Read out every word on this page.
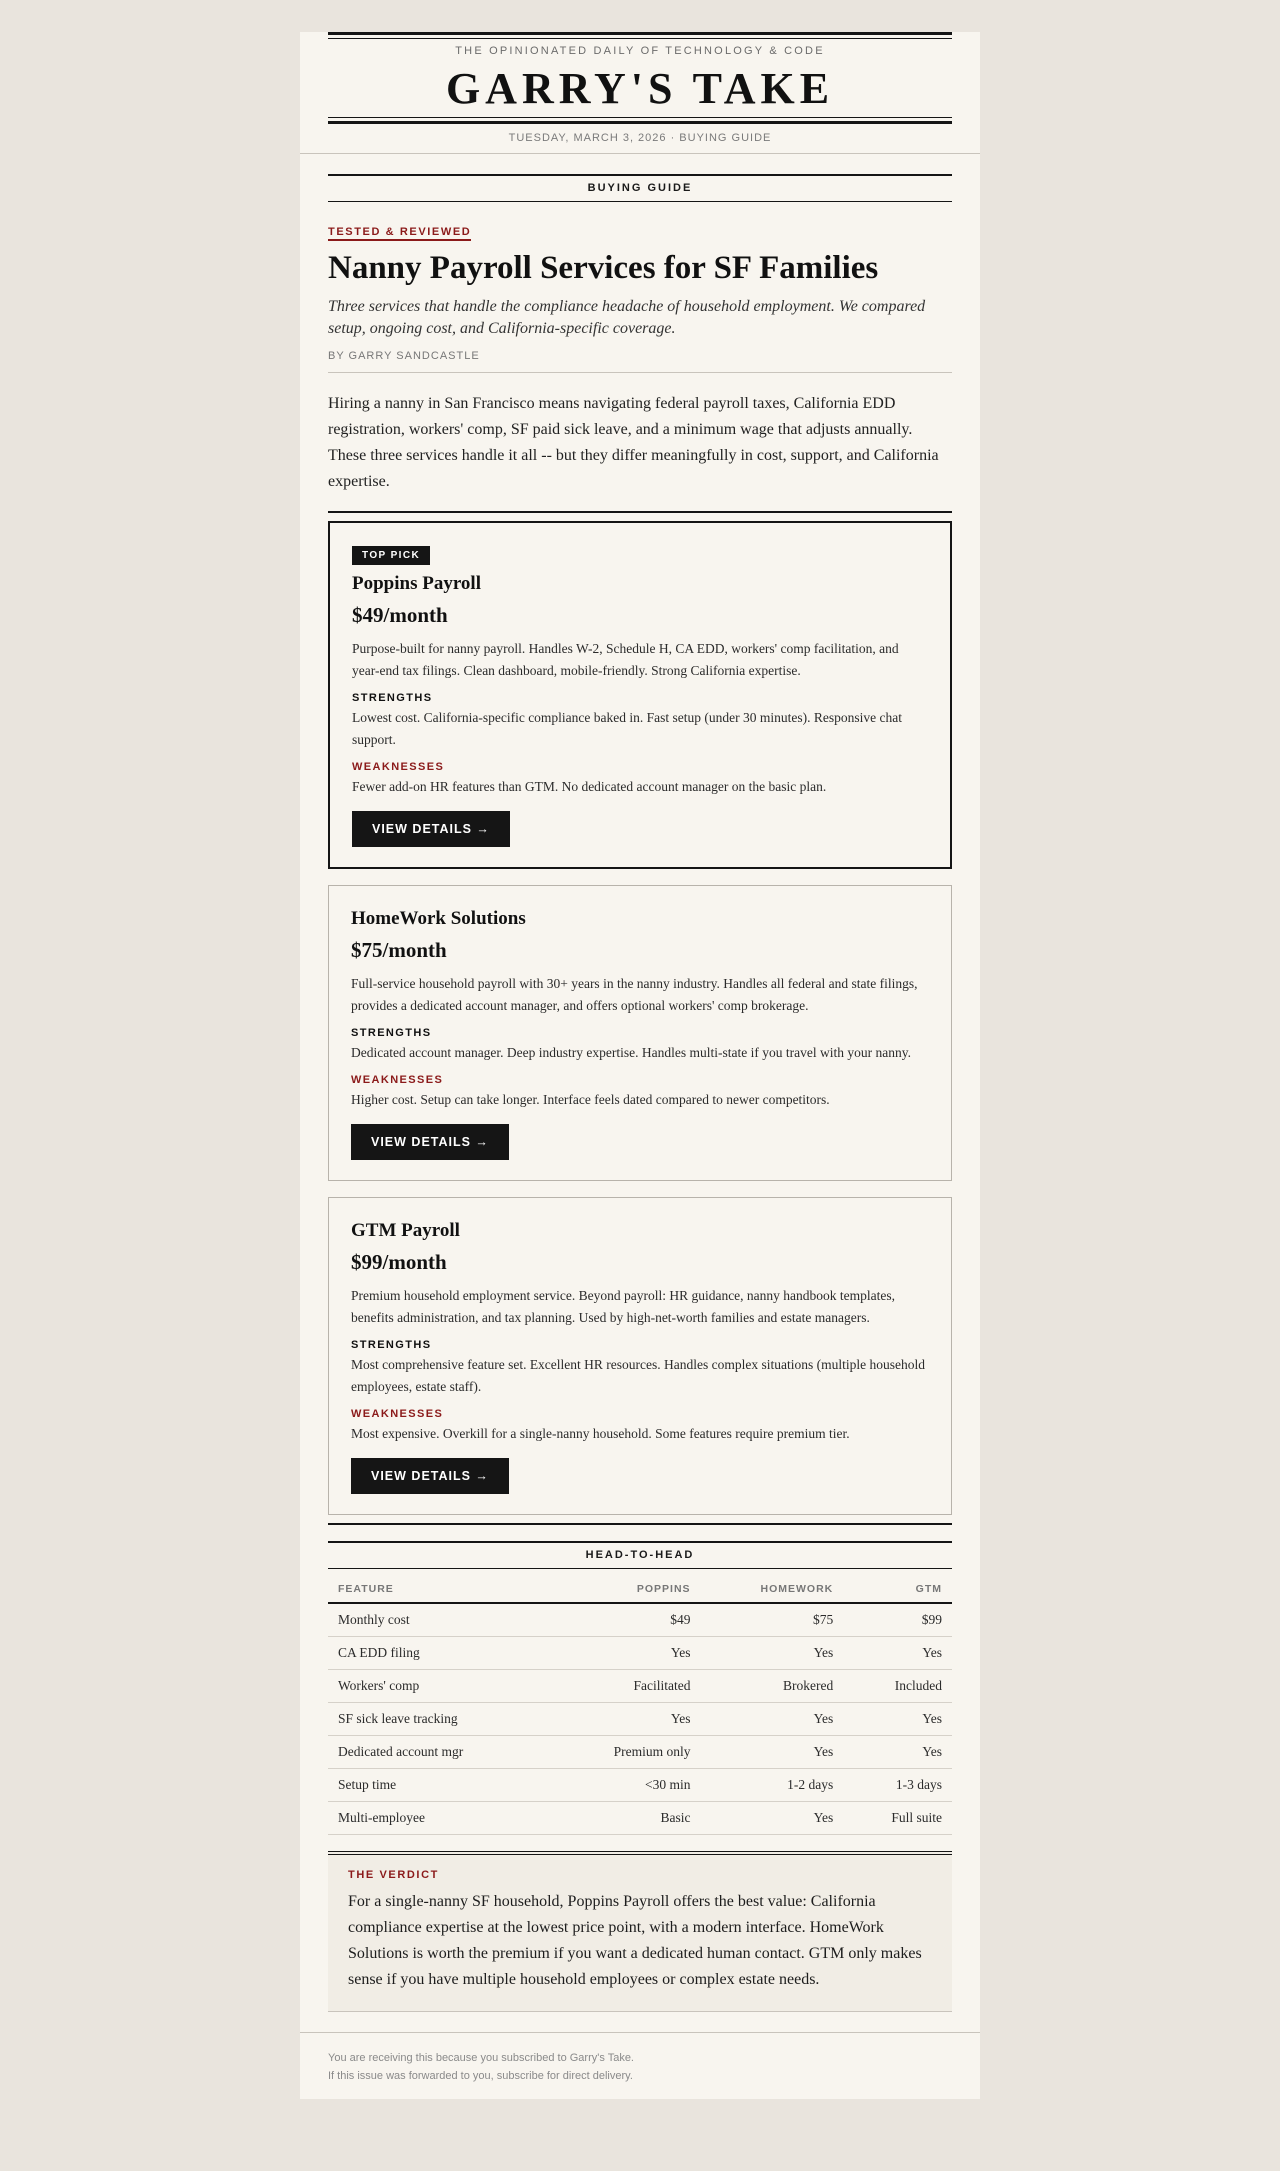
THE OPINIONATED DAILY OF TECHNOLOGY & CODE
GARRY'S TAKE
TUESDAY, MARCH 3, 2026 · BUYING GUIDE
BUYING GUIDE
TESTED & REVIEWED
Nanny Payroll Services for SF Families

Three services that handle the compliance headache of household employment. We compared setup, ongoing cost, and California-specific coverage.

BY GARRY SANDCASTLE

Hiring a nanny in San Francisco means navigating federal payroll taxes, California EDD registration, workers' comp, SF paid sick leave, and a minimum wage that adjusts annually. These three services handle it all -- but they differ meaningfully in cost, support, and California expertise.

TOP PICK
Poppins Payroll
$49/month

Purpose-built for nanny payroll. Handles W-2, Schedule H, CA EDD, workers' comp facilitation, and year-end tax filings. Clean dashboard, mobile-friendly. Strong California expertise.

STRENGTHS

Lowest cost. California-specific compliance baked in. Fast setup (under 30 minutes). Responsive chat support.

WEAKNESSES

Fewer add-on HR features than GTM. No dedicated account manager on the basic plan.

VIEW DETAILS →
HomeWork Solutions
$75/month

Full-service household payroll with 30+ years in the nanny industry. Handles all federal and state filings, provides a dedicated account manager, and offers optional workers' comp brokerage.

STRENGTHS

Dedicated account manager. Deep industry expertise. Handles multi-state if you travel with your nanny.

WEAKNESSES

Higher cost. Setup can take longer. Interface feels dated compared to newer competitors.

VIEW DETAILS →
GTM Payroll
$99/month

Premium household employment service. Beyond payroll: HR guidance, nanny handbook templates, benefits administration, and tax planning. Used by high-net-worth families and estate managers.

STRENGTHS

Most comprehensive feature set. Excellent HR resources. Handles complex situations (multiple household employees, estate staff).

WEAKNESSES

Most expensive. Overkill for a single-nanny household. Some features require premium tier.

VIEW DETAILS →
HEAD-TO-HEAD
FEATURE	POPPINS	HOMEWORK	GTM
Monthly cost	$49	$75	$99
CA EDD filing	Yes	Yes	Yes
Workers' comp	Facilitated	Brokered	Included
SF sick leave tracking	Yes	Yes	Yes
Dedicated account mgr	Premium only	Yes	Yes
Setup time	<30 min	1-2 days	1-3 days
Multi-employee	Basic	Yes	Full suite
THE VERDICT

For a single-nanny SF household, Poppins Payroll offers the best value: California compliance expertise at the lowest price point, with a modern interface. HomeWork Solutions is worth the premium if you want a dedicated human contact. GTM only makes sense if you have multiple household employees or complex estate needs.

You are receiving this because you subscribed to Garry's Take.
If this issue was forwarded to you, subscribe for direct delivery.
